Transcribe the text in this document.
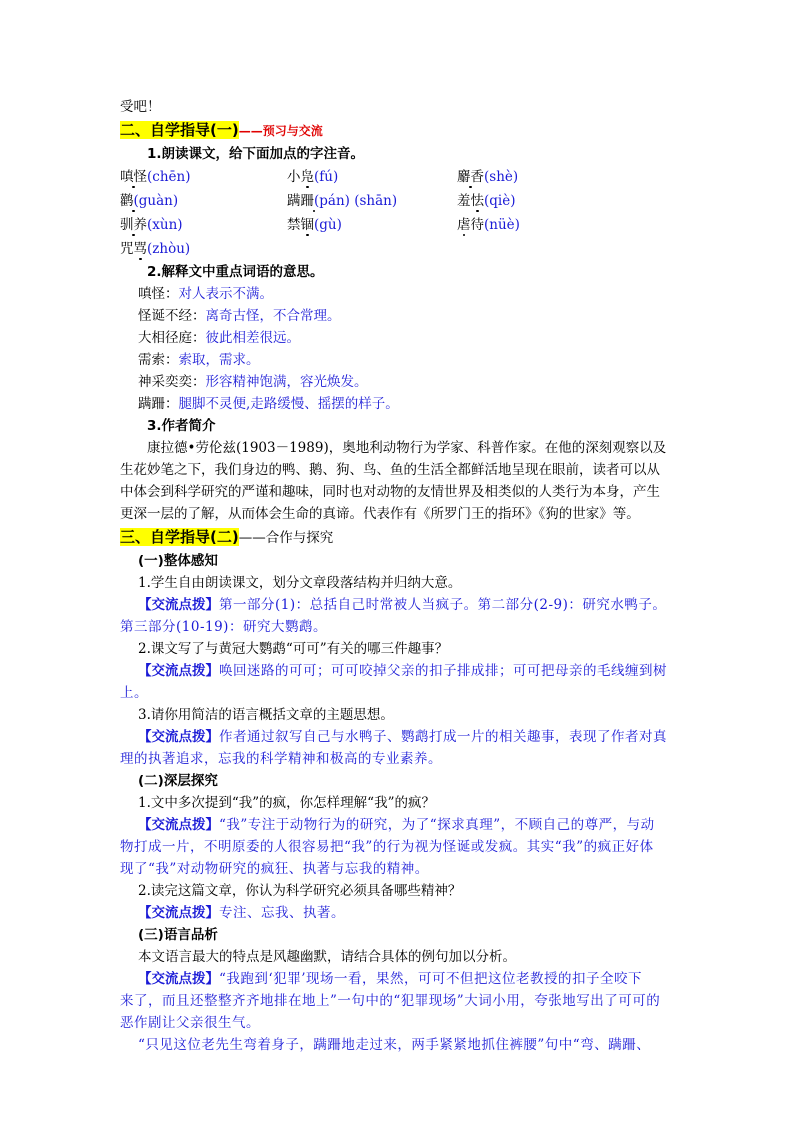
受吧！
二、自学指导(一)——预习与交流
1.朗读课文，给下面加点的字注音。
嗔怪(chēn)	小凫(fú)	麝香(shè)
鹳(guàn)	蹒跚(pán) (shān)	羞怯(qiè)
驯养(xùn)	禁锢(gù)	虐待(nüè)
咒骂(zhòu)
2.解释文中重点词语的意思。
嗔怪：对人表示不满。
怪诞不经：离奇古怪，不合常理。
大相径庭：彼此相差很远。
需索：索取，需求。
神采奕奕：形容精神饱满，容光焕发。
蹒跚：腿脚不灵便,走路缓慢、摇摆的样子。
3.作者简介
康拉德•劳伦兹(1903－1989)，奥地利动物行为学家、科普作家。在他的深刻观察以及
生花妙笔之下，我们身边的鸭、鹅、狗、鸟、鱼的生活全都鲜活地呈现在眼前，读者可以从
中体会到科学研究的严谨和趣味，同时也对动物的友情世界及相类似的人类行为本身，产生
更深一层的了解，从而体会生命的真谛。代表作有《所罗门王的指环》《狗的世家》等。
三、自学指导(二)——合作与探究
(一)整体感知
1.学生自由朗读课文，划分文章段落结构并归纳大意。
【交流点拨】第一部分(1)：总括自己时常被人当疯子。第二部分(2-9)：研究水鸭子。
第三部分(10-19)：研究大鹦鹉。
2.课文写了与黄冠大鹦鹉“可可”有关的哪三件趣事？
【交流点拨】唤回迷路的可可；可可咬掉父亲的扣子排成排；可可把母亲的毛线缠到树
上。
3.请你用简洁的语言概括文章的主题思想。
【交流点拨】作者通过叙写自己与水鸭子、鹦鹉打成一片的相关趣事，表现了作者对真
理的执著追求，忘我的科学精神和极高的专业素养。
(二)深层探究
1.文中多次提到“我”的疯，你怎样理解“我”的疯？
【交流点拨】“我”专注于动物行为的研究，为了“探求真理”，不顾自己的尊严，与动
物打成一片，不明原委的人很容易把“我”的行为视为怪诞或发疯。其实“我”的疯正好体
现了“我”对动物研究的疯狂、执著与忘我的精神。
2.读完这篇文章，你认为科学研究必须具备哪些精神？
【交流点拨】专注、忘我、执著。
(三)语言品析
本文语言最大的特点是风趣幽默，请结合具体的例句加以分析。
【交流点拨】“我跑到‘犯罪’现场一看，果然，可可不但把这位老教授的扣子全咬下
来了，而且还整整齐齐地排在地上”一句中的“犯罪现场”大词小用，夸张地写出了可可的
恶作剧让父亲很生气。
“只见这位老先生弯着身子，蹒跚地走过来，两手紧紧地抓住裤腰”句中“弯、蹒跚、
